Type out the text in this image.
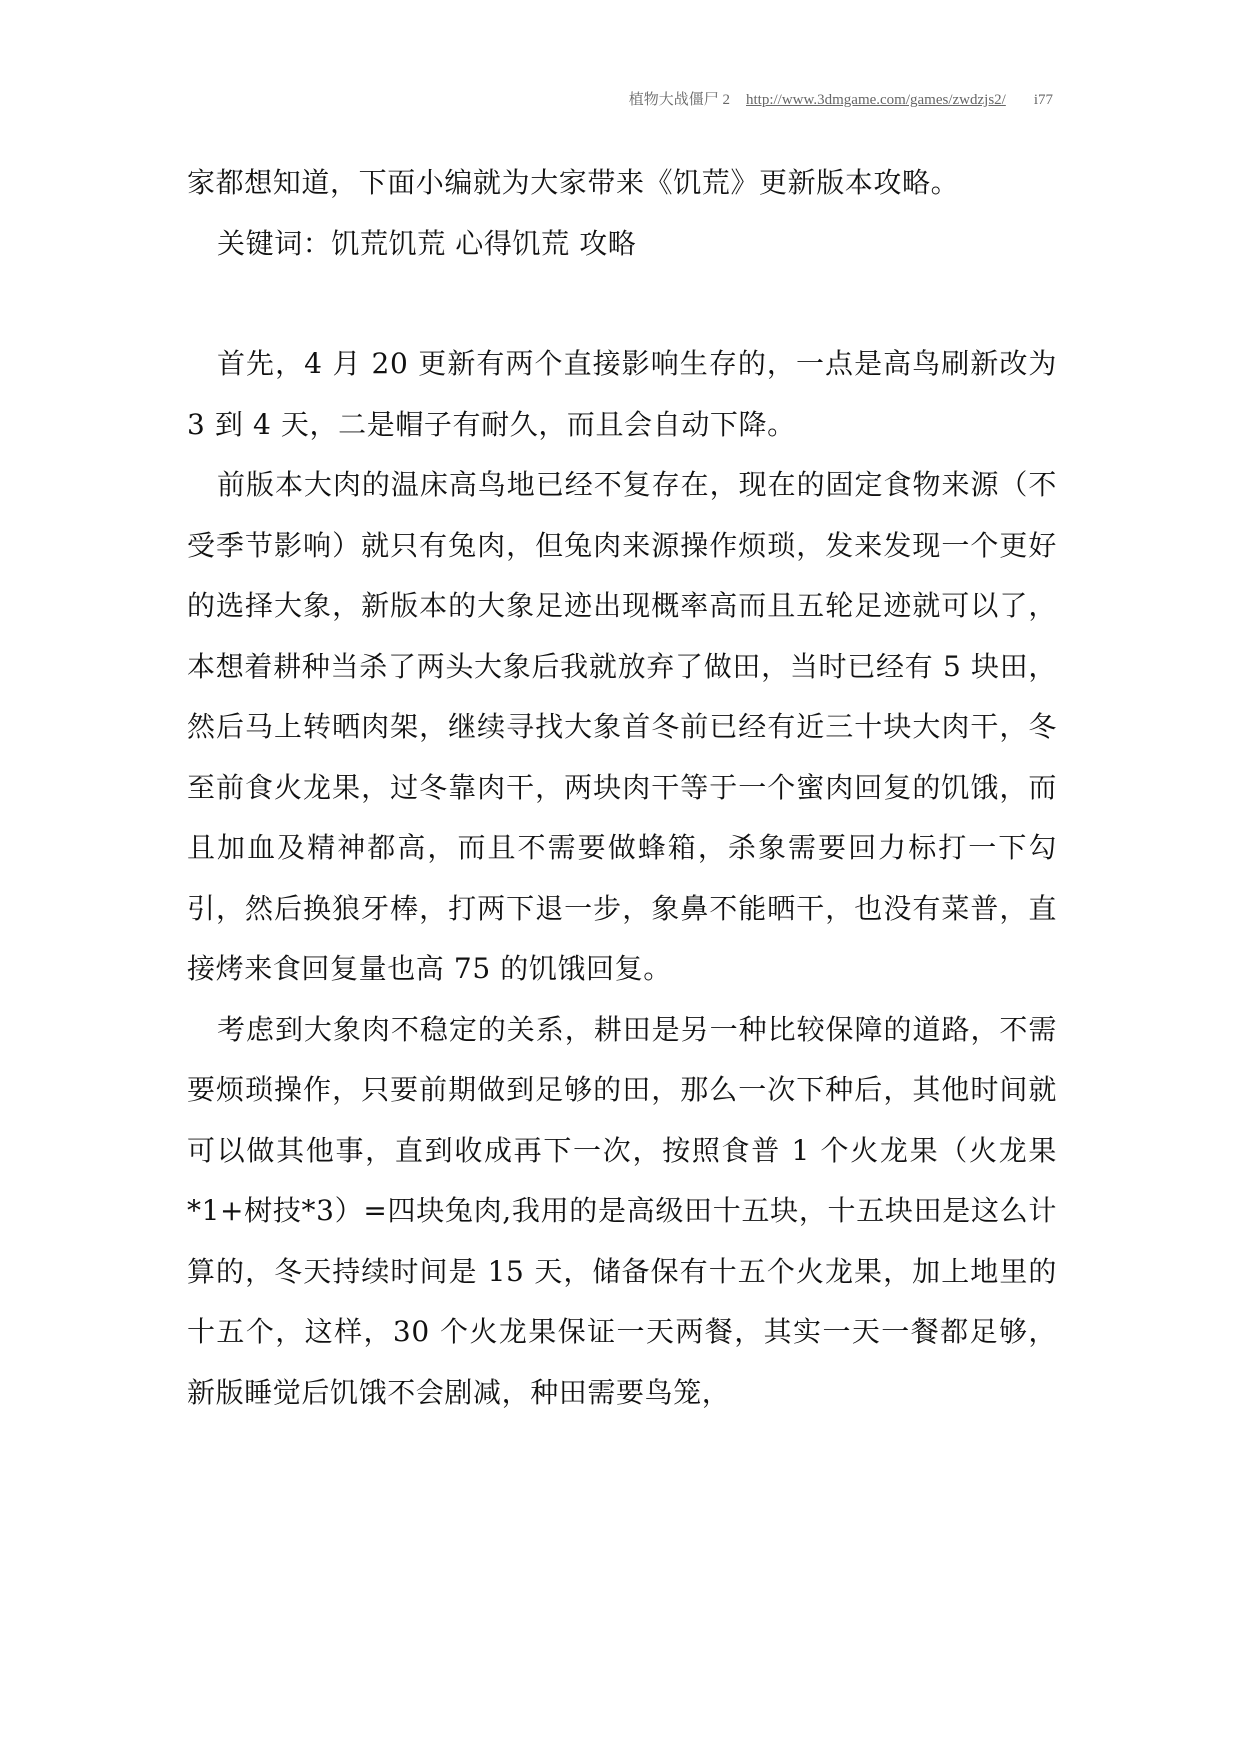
植物大战僵尸 2 http://www.3dmgame.com/games/zwdzjs2/ i77

家都想知道，下面小编就为大家带来《饥荒》更新版本攻略。

关键词：饥荒饥荒 心得饥荒 攻略

首先，4 月 20 更新有两个直接影响生存的，一点是高鸟刷新改为 3 到 4 天，二是帽子有耐久，而且会自动下降。

前版本大肉的温床高鸟地已经不复存在，现在的固定食物来源（不受季节影响）就只有兔肉，但兔肉来源操作烦琐，发来发现一个更好的选择大象，新版本的大象足迹出现概率高而且五轮足迹就可以了，本想着耕种当杀了两头大象后我就放弃了做田，当时已经有 5 块田，然后马上转晒肉架，继续寻找大象首冬前已经有近三十块大肉干，冬至前食火龙果，过冬靠肉干，两块肉干等于一个蜜肉回复的饥饿，而且加血及精神都高，而且不需要做蜂箱，杀象需要回力标打一下勾引，然后换狼牙棒，打两下退一步，象鼻不能晒干，也没有菜普，直接烤来食回复量也高 75 的饥饿回复。

考虑到大象肉不稳定的关系，耕田是另一种比较保障的道路，不需要烦琐操作，只要前期做到足够的田，那么一次下种后，其他时间就可以做其他事，直到收成再下一次，按照食普 1 个火龙果（火龙果*1+树技*3）=四块兔肉,我用的是高级田十五块，十五块田是这么计算的，冬天持续时间是 15 天，储备保有十五个火龙果，加上地里的十五个，这样，30 个火龙果保证一天两餐，其实一天一餐都足够，新版睡觉后饥饿不会剧减，种田需要鸟笼，
